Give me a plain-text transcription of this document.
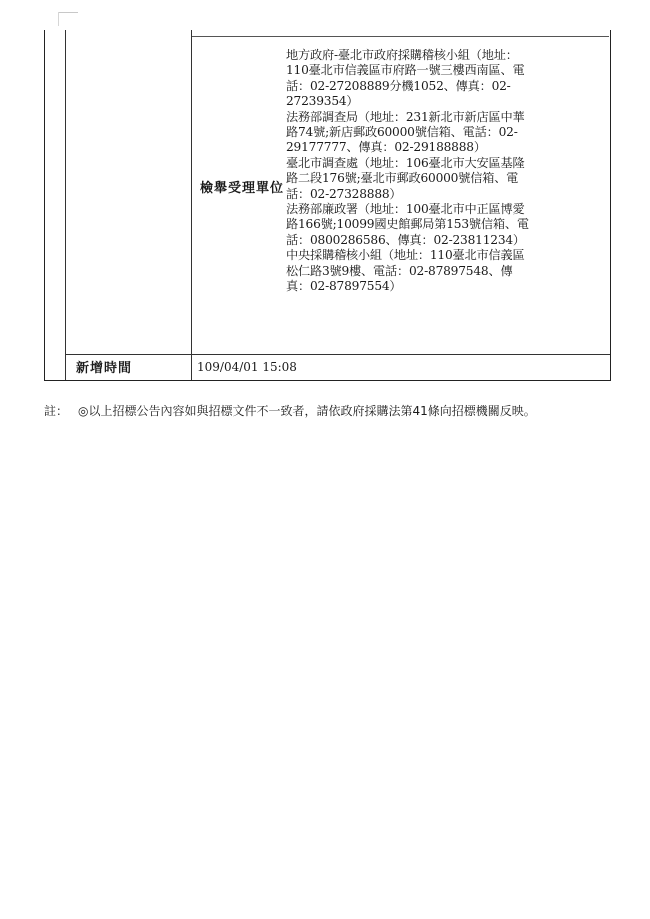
檢舉受理單位

地方政府-臺北市政府採購稽核小組（地址：110臺北市信義區市府路一號三樓西南區、電話：02-27208889分機1052、傳真：02-27239354）

法務部調查局（地址：231新北市新店區中華路74號;新店郵政60000號信箱、電話：02-29177777、傳真：02-29188888）

臺北市調查處（地址：106臺北市大安區基隆路二段176號;臺北市郵政60000號信箱、電話：02-27328888）

法務部廉政署（地址：100臺北市中正區博愛路166號;10099國史館郵局第153號信箱、電話：0800286586、傳真：02-23811234）

中央採購稽核小組（地址：110臺北市信義區松仁路3號9樓、電話：02-87897548、傳真：02-87897554）

新增時間	109/04/01 15:08
註： ◎以上招標公告內容如與招標文件不一致者，請依政府採購法第41條向招標機關反映。
